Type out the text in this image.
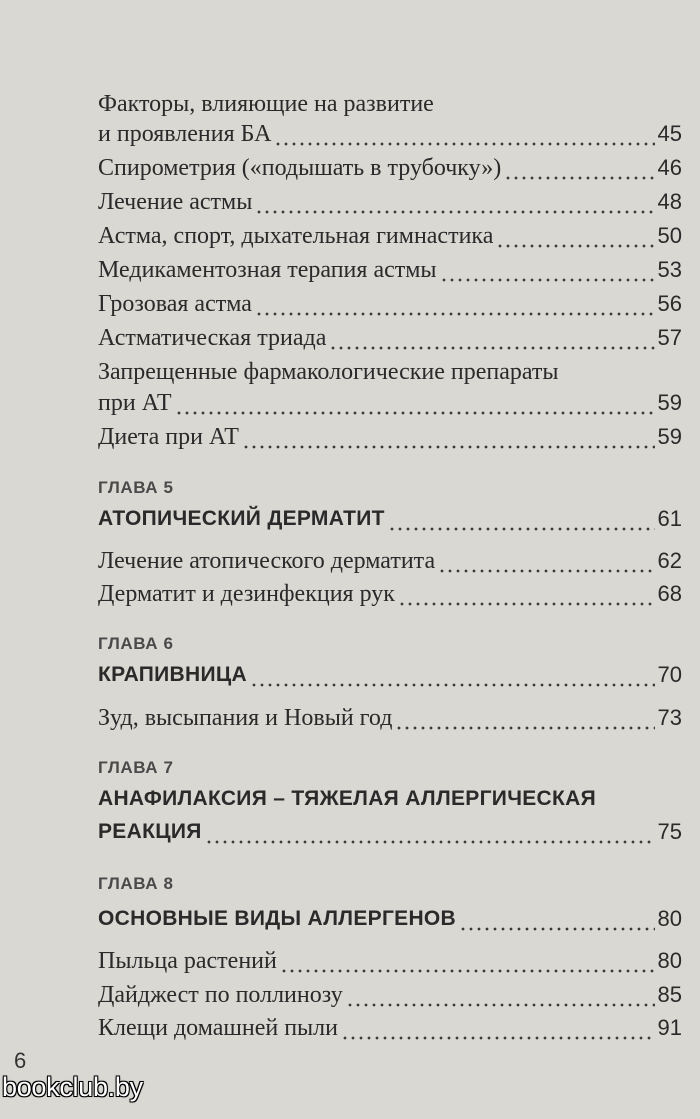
Факторы, влияющие на развитие
и проявления БА	45
Спирометрия («подышать в трубочку»)	46
Лечение астмы	48
Астма, спорт, дыхательная гимнастика	50
Медикаментозная терапия астмы	53
Грозовая астма	56
Астматическая триада	57
Запрещенные фармакологические препараты
при АТ	59
Диета при АТ	59
ГЛАВА 5
АТОПИЧЕСКИЙ ДЕРМАТИТ	61
Лечение атопического дерматита	62
Дерматит и дезинфекция рук	68
ГЛАВА 6
КРАПИВНИЦА	70
Зуд, высыпания и Новый год	73
ГЛАВА 7
АНАФИЛАКСИЯ – ТЯЖЕЛАЯ АЛЛЕРГИЧЕСКАЯ
РЕАКЦИЯ	75
ГЛАВА 8
ОСНОВНЫЕ ВИДЫ АЛЛЕРГЕНОВ	80
Пыльца растений	80
Дайджест по поллинозу	85
Клещи домашней пыли	91
6
bookclub.by
